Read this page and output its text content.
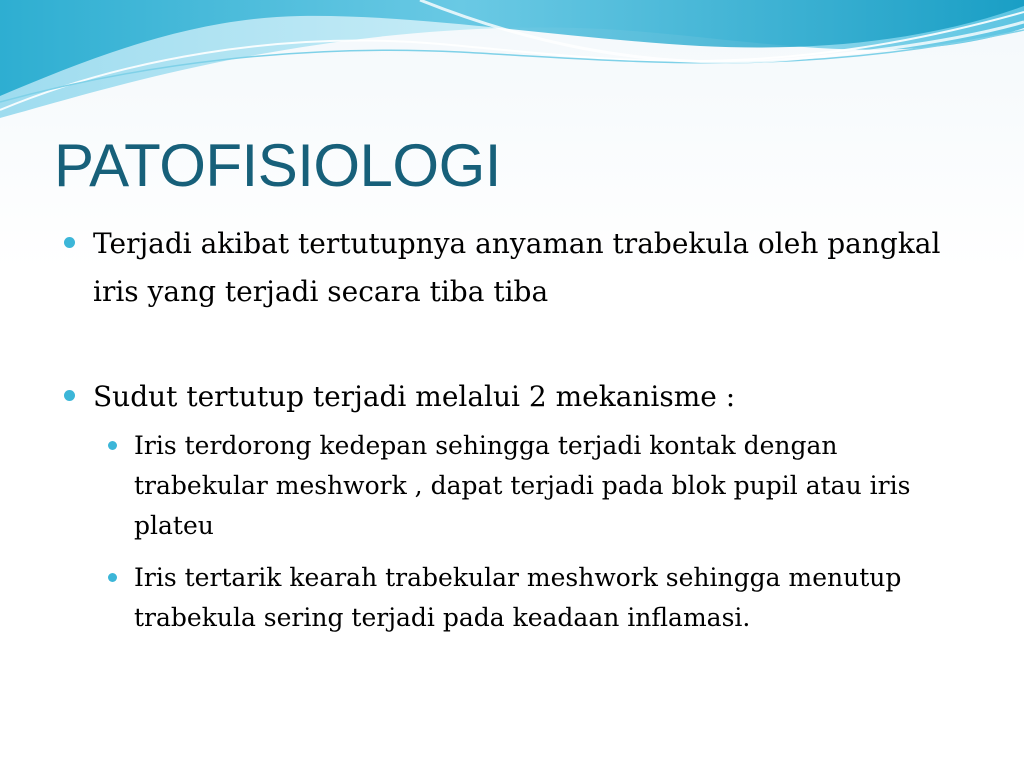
PATOFISIOLOGI
Terjadi akibat tertutupnya anyaman trabekula oleh pangkal iris yang terjadi secara tiba tiba
Sudut tertutup terjadi melalui 2 mekanisme :
Iris terdorong kedepan sehingga terjadi kontak dengan trabekular meshwork , dapat terjadi pada blok pupil atau iris plateu
Iris tertarik kearah trabekular meshwork sehingga menutup trabekula sering terjadi pada keadaan inflamasi.
